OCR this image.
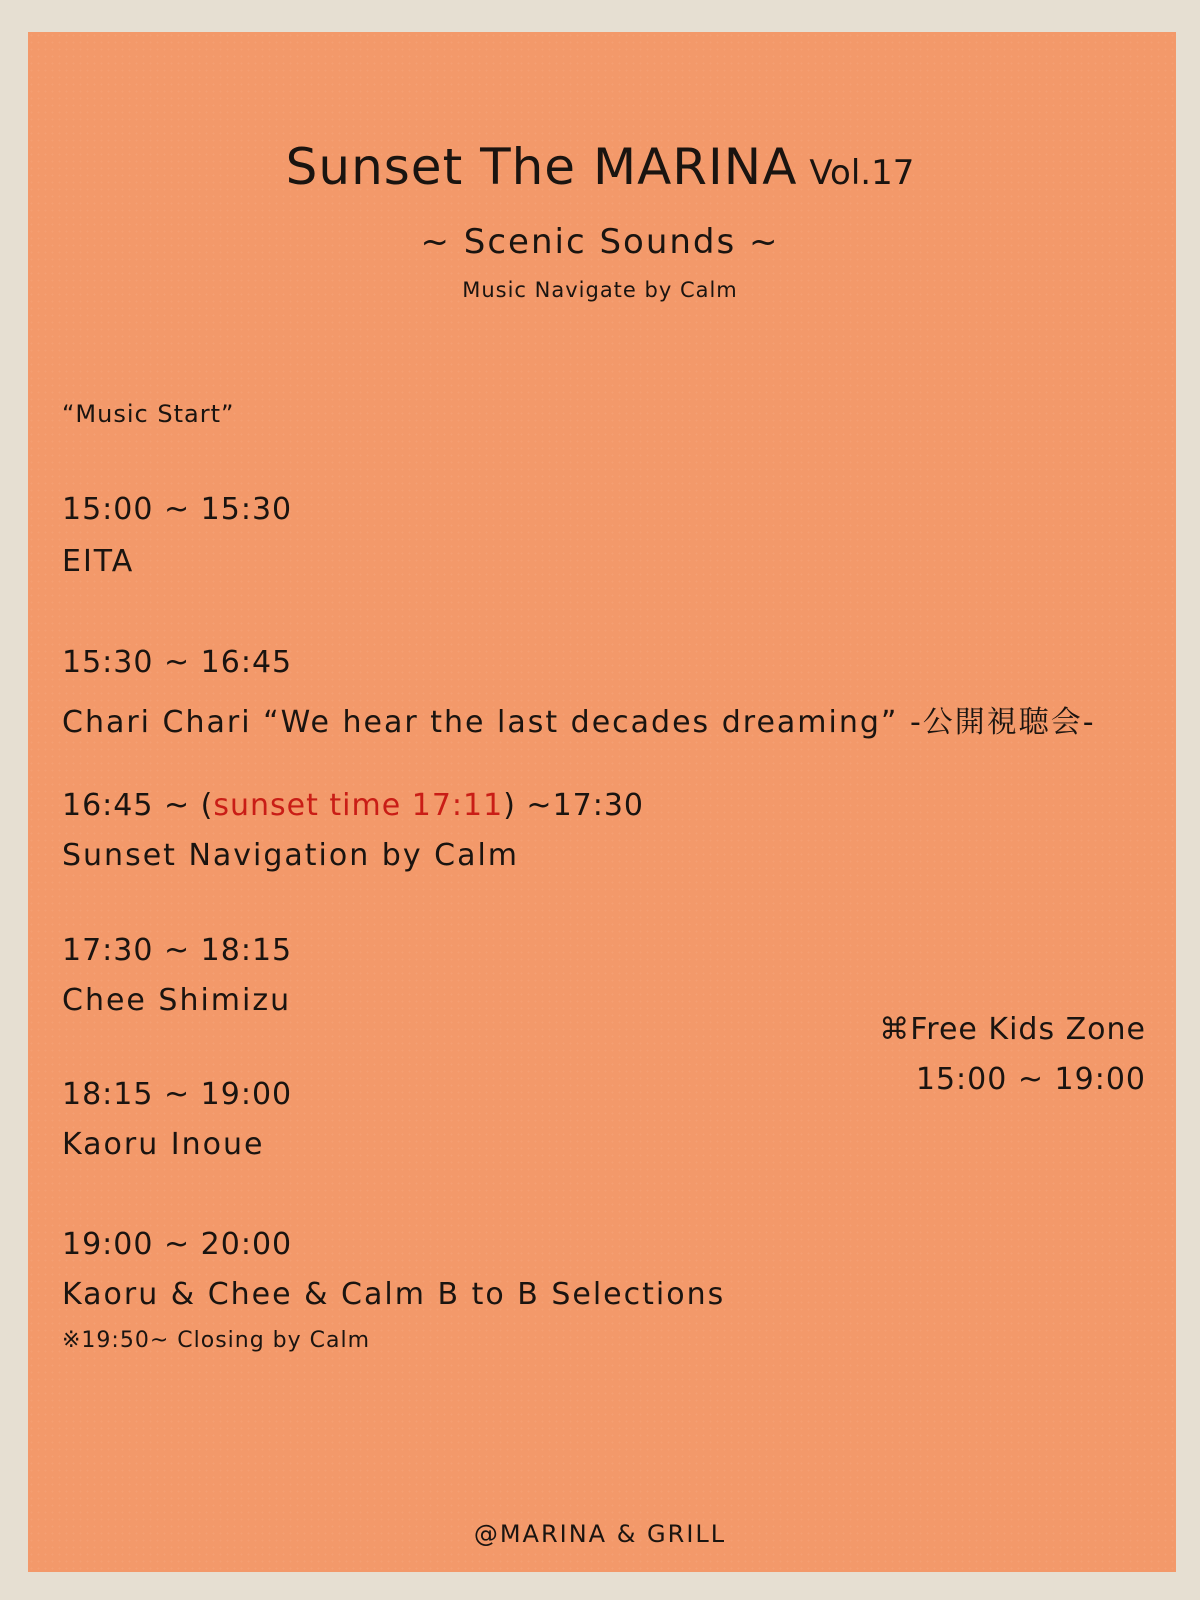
Sunset The MARINA Vol.17
~ Scenic Sounds ~
Music Navigate by Calm
“Music Start”
15:00 ~ 15:30
EITA
15:30 ~ 16:45
Chari Chari “We hear the last decades dreaming” -公開視聴会-
16:45 ~ (sunset time 17:11) ~17:30
Sunset Navigation by Calm
17:30 ~ 18:15
Chee Shimizu
18:15 ~ 19:00
Kaoru Inoue
19:00 ~ 20:00
Kaoru & Chee & Calm B to B Selections
※19:50~ Closing by Calm
⌘Free Kids Zone
15:00 ~ 19:00
@MARINA & GRILL
